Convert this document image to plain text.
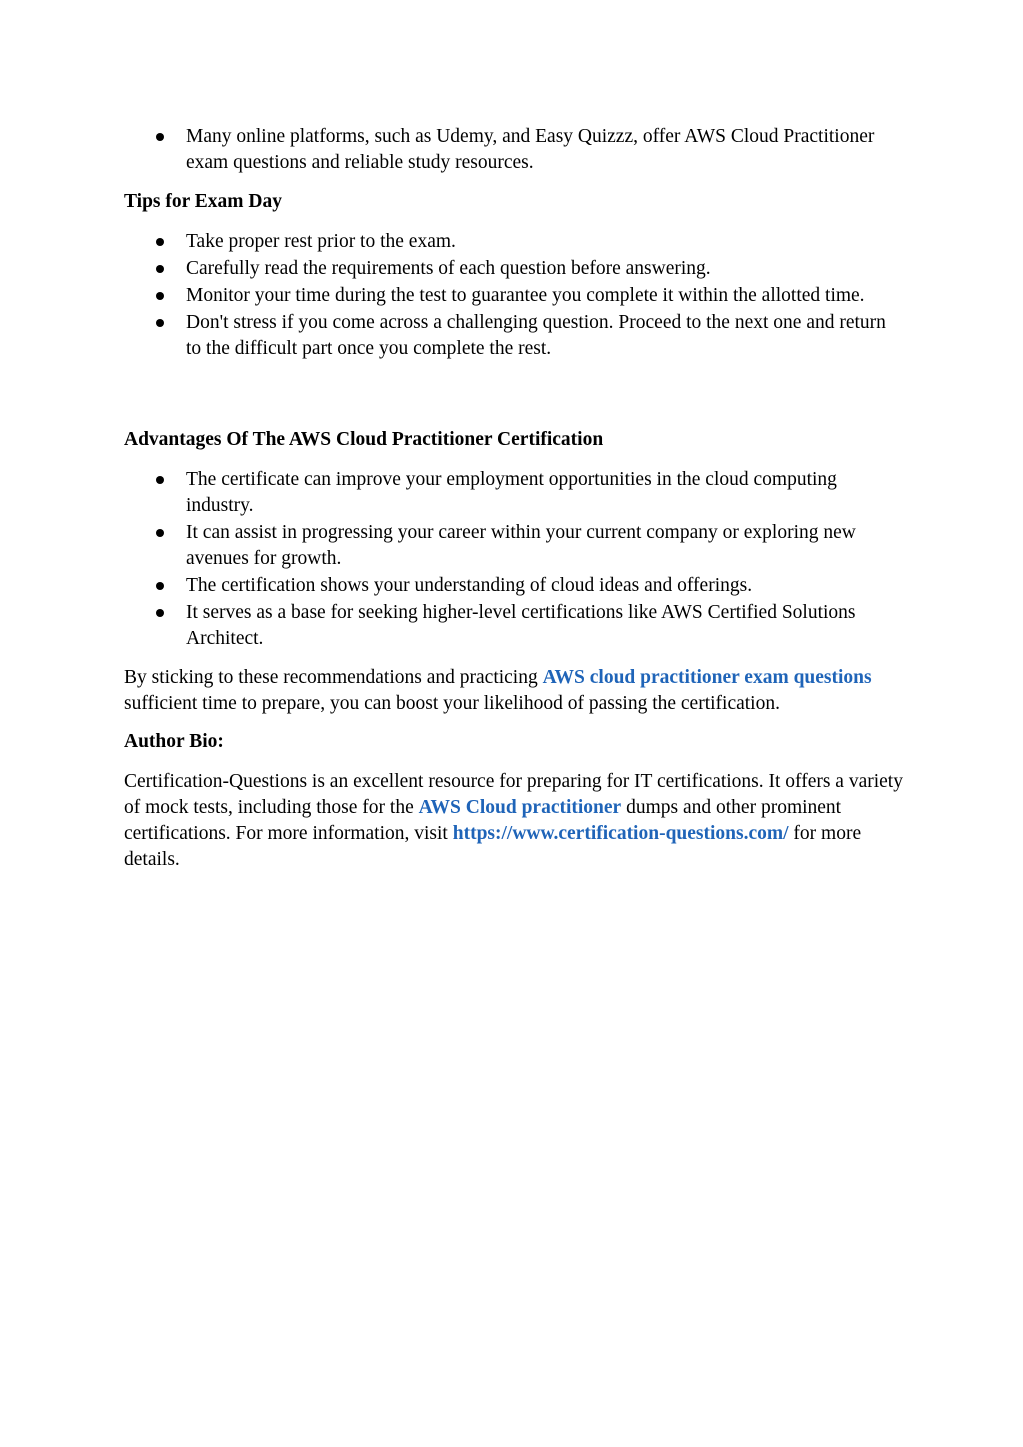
Many online platforms, such as Udemy, and Easy Quizzz, offer AWS Cloud Practitioner exam questions and reliable study resources.

Tips for Exam Day

Take proper rest prior to the exam.
Carefully read the requirements of each question before answering.
Monitor your time during the test to guarantee you complete it within the allotted time.
Don't stress if you come across a challenging question. Proceed to the next one and return to the difficult part once you complete the rest.

Advantages Of The AWS Cloud Practitioner Certification

The certificate can improve your employment opportunities in the cloud computing industry.
It can assist in progressing your career within your current company or exploring new avenues for growth.
The certification shows your understanding of cloud ideas and offerings.
It serves as a base for seeking higher-level certifications like AWS Certified Solutions Architect.

By sticking to these recommendations and practicing AWS cloud practitioner exam questions sufficient time to prepare, you can boost your likelihood of passing the certification.

Author Bio:

Certification-Questions is an excellent resource for preparing for IT certifications. It offers a variety of mock tests, including those for the AWS Cloud practitioner dumps and other prominent certifications. For more information, visit https://www.certification-questions.com/ for more details.
